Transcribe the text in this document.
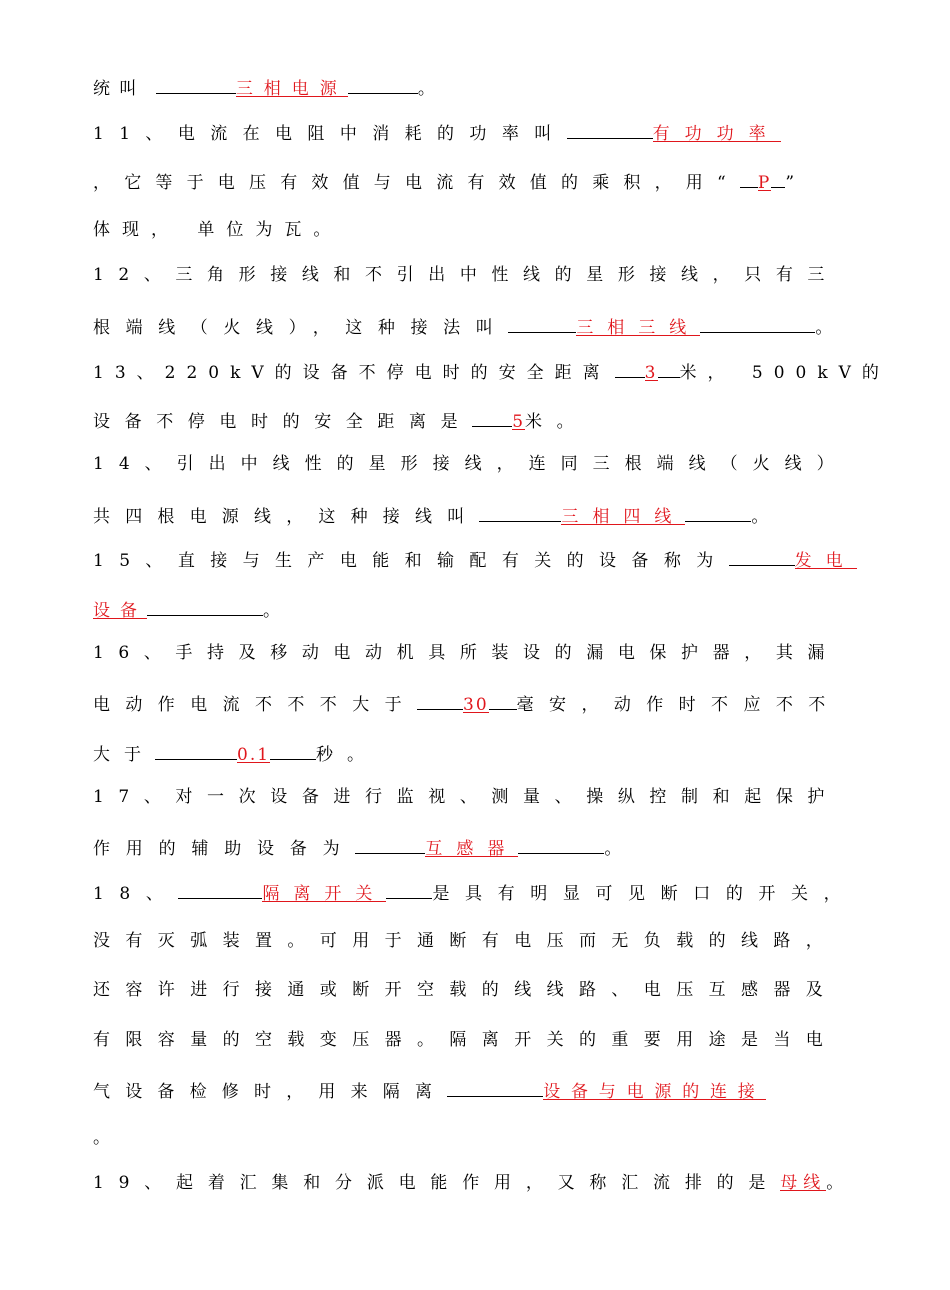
统叫	三相电源	。
11、电流在电阻中消耗的功率叫	有功功率
，它等于电压有效值与电流有效值的乘积，用“ P ”
体现， 单位为瓦。
12、三角形接线和不引出中性线的星形接线，只有三
根端线（火线），这种接法叫	三相三线	。
13、220kV的设备不停电时的安全距离 3 米， 500kV的
设备不停电时的安全距离是 5米。
14、引出中线性的星形接线，连同三根端线（火线）
共四根电源线，这种接线叫	三相四线	。
15、直接与生产电能和输配有关的设备称为	发电
设备	。
16、手持及移动电动机具所装设的漏电保护器，其漏
电动作电流不不不大于	30 毫安，动作时不应不不
大于	0.1	秒。
17、对一次设备进行监视、测量、操纵控制和起保护
作用的辅助设备为	互感器	。
18、	隔离开关	是具有明显可见断口的开关，
没有灭弧装置。可用于通断有电压而无负载的线路，
还容许进行接通或断开空载的线线路、电压互感器及
有限容量的空载变压器。隔离开关的重要用途是当电
气设备检修时，用来隔离	设备与电源的连接
。
19、起着汇集和分派电能作用，又称汇流排的是母线。
